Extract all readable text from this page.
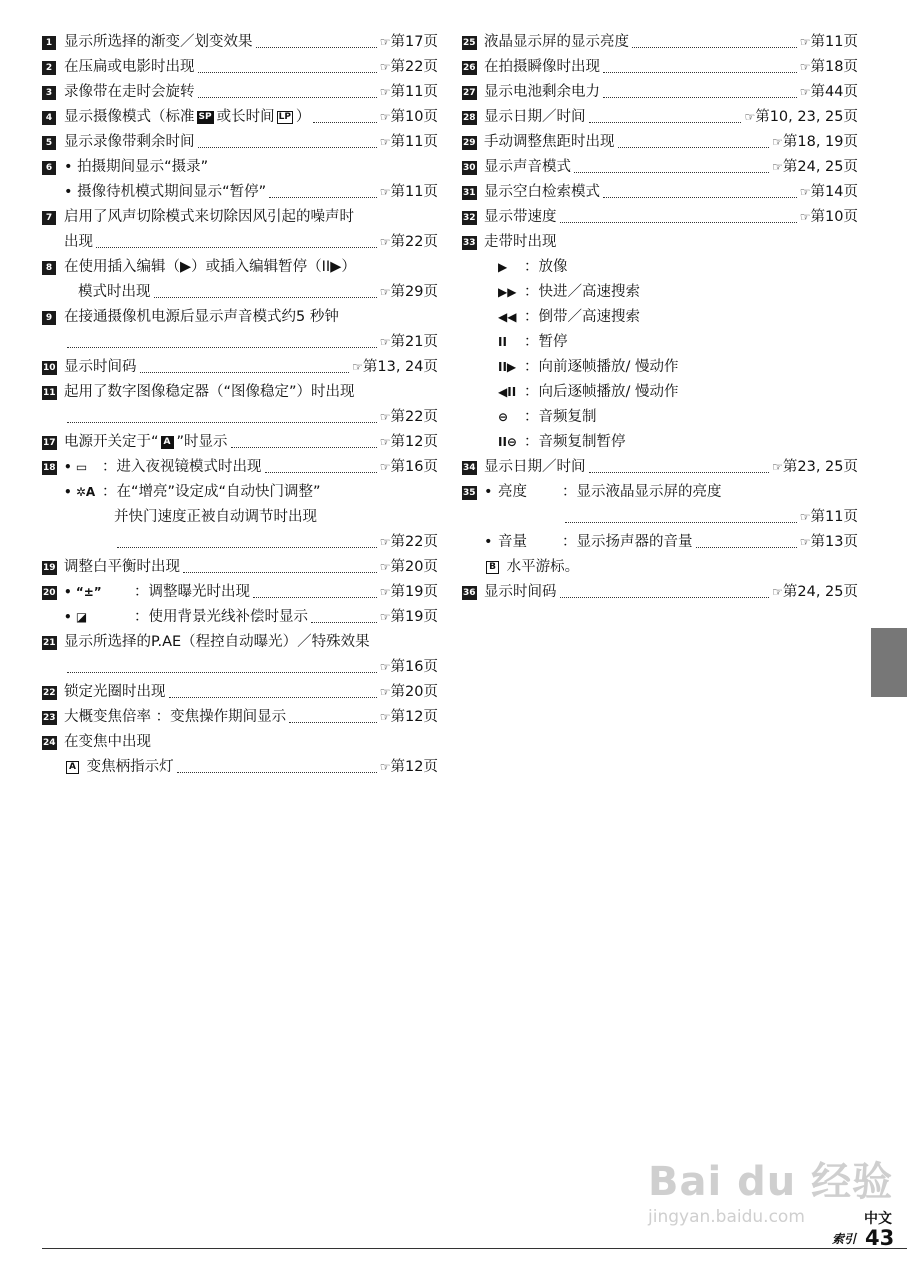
1 显示所选择的渐变／划变效果	☞第17页
2 在压扁或电影时出现	☞第22页
3 录像带在走时会旋转	☞第11页
4 显示摄像模式（标准 SP 或长时间 LP ）	☞第10页
5 显示录像带剩余时间	☞第11页
6 • 拍摄期间显示“摄录”
• 摄像待机模式期间显示“暂停”	☞第11页
7 启用了风声切除模式来切除因风引起的噪声时
出现	☞第22页
8 在使用插入编辑（▶）或插入编辑暂停（II▶）
模式时出现	☞第29页
9 在接通摄像机电源后显示声音模式约5 秒钟
☞第21页
10 显示时间码	☞第13, 24页
11 起用了数字图像稳定器（“图像稳定”）时出现
☞第22页
17 电源开关定于“ A ”时显示	☞第12页
18 • ▭ ：进入夜视镜模式时出现	☞第16页
• ✲A ：在“增亮”设定成“自动快门调整”
并快门速度正被自动调节时出现
☞第22页
19 调整白平衡时出现	☞第20页
20 • “±” ：调整曝光时出现	☞第19页
• ◪	：使用背景光线补偿时显示	☞第19页
21 显示所选择的P.AE（程控自动曝光）／特殊效果
☞第16页
22 锁定光圈时出现	☞第20页
23 大概变焦倍率 ：变焦操作期间显示	☞第12页
24 在变焦中出现
A 变焦柄指示灯	☞第12页
25 液晶显示屏的显示亮度	☞第11页
26 在拍摄瞬像时出现	☞第18页
27 显示电池剩余电力	☞第44页
28 显示日期／时间	☞第10, 23, 25页
29 手动调整焦距时出现	☞第18, 19页
30 显示声音模式	☞第24, 25页
31 显示空白检索模式	☞第14页
32 显示带速度	☞第10页
33 走带时出现
▶ ：放像
▶▶ ：快进／高速搜索
◀◀ ：倒带／高速搜索
II ：暂停
II▶ ：向前逐帧播放/ 慢动作
◀II ：向后逐帧播放/ 慢动作
⊖ ：音频复制
II⊖ ：音频复制暂停
34 显示日期／时间	☞第23, 25页
35 • 亮度 ：显示液晶显示屏的亮度
☞第11页
• 音量 ：显示扬声器的音量	☞第13页
B 水平游标。
36 显示时间码	☞第24, 25页
Bai du 经验
jingyan.baidu.com	中文
索引 43
